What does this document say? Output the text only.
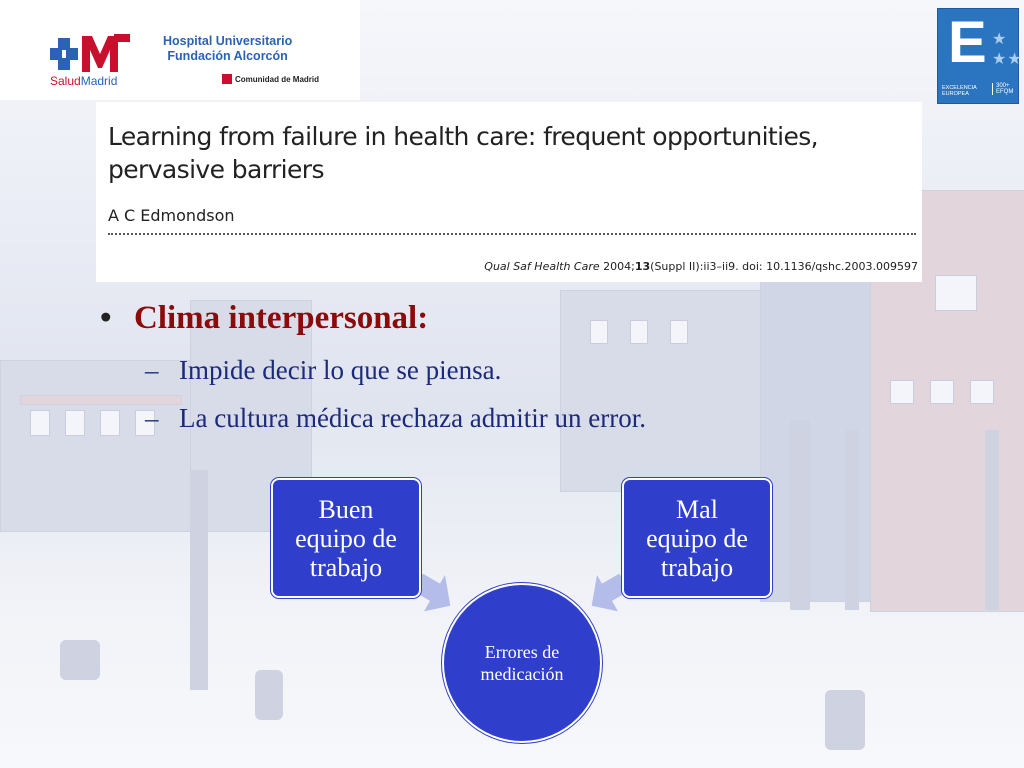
SaludMadrid
Hospital Universitario
Fundación Alcorcón
Comunidad de Madrid
E ★
★★
EXCELENCIA
EUROPEA
300+
EFQM
Learning from failure in health care: frequent opportunities, pervasive barriers
A C Edmondson
Qual Saf Health Care 2004;13(Suppl II):ii3–ii9. doi: 10.1136/qshc.2003.009597
• Clima interpersonal:
– Impide decir lo que se piensa.
– La cultura médica rechaza admitir un error.
Buen
equipo de
trabajo
Mal
equipo de
trabajo
Errores de
medicación
